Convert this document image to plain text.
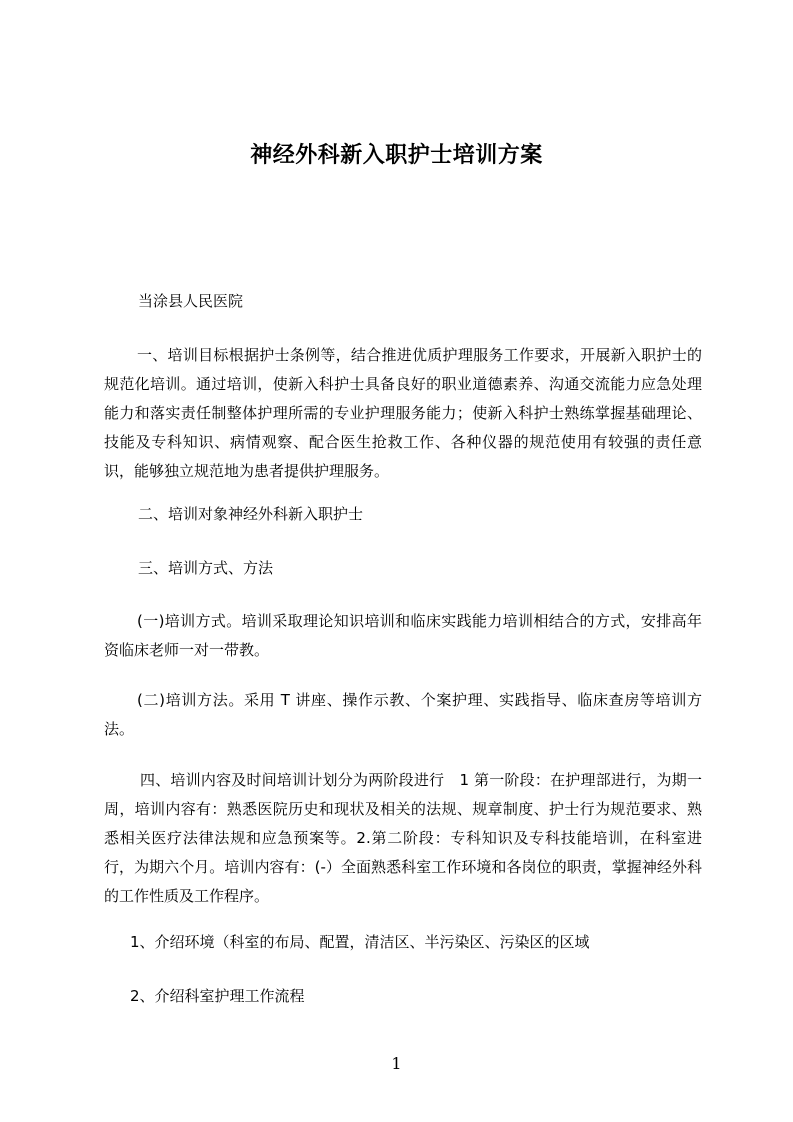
神经外科新入职护士培训方案

当涂县人民医院

一、培训目标根据护士条例等，结合推进优质护理服务工作要求，开展新入职护士的规范化培训。通过培训，使新入科护士具备良好的职业道德素养、沟通交流能力应急处理能力和落实责任制整体护理所需的专业护理服务能力；使新入科护士熟练掌握基础理论、技能及专科知识、病情观察、配合医生抢救工作、各种仪器的规范使用有较强的责任意识，能够独立规范地为患者提供护理服务。

二、培训对象神经外科新入职护士

三、培训方式、方法

(一)培训方式。培训采取理论知识培训和临床实践能力培训相结合的方式，安排高年资临床老师一对一带教。

(二)培训方法。采用 T 讲座、操作示教、个案护理、实践指导、临床查房等培训方法。

四、培训内容及时间培训计划分为两阶段进行　1 第一阶段：在护理部进行，为期一周，培训内容有：熟悉医院历史和现状及相关的法规、规章制度、护士行为规范要求、熟悉相关医疗法律法规和应急预案等。2.第二阶段：专科知识及专科技能培训，在科室进行，为期六个月。培训内容有：(-）全面熟悉科室工作环境和各岗位的职责，掌握神经外科的工作性质及工作程序。

1、介绍环境（科室的布局、配置，清洁区、半污染区、污染区的区域

2、介绍科室护理工作流程

1
